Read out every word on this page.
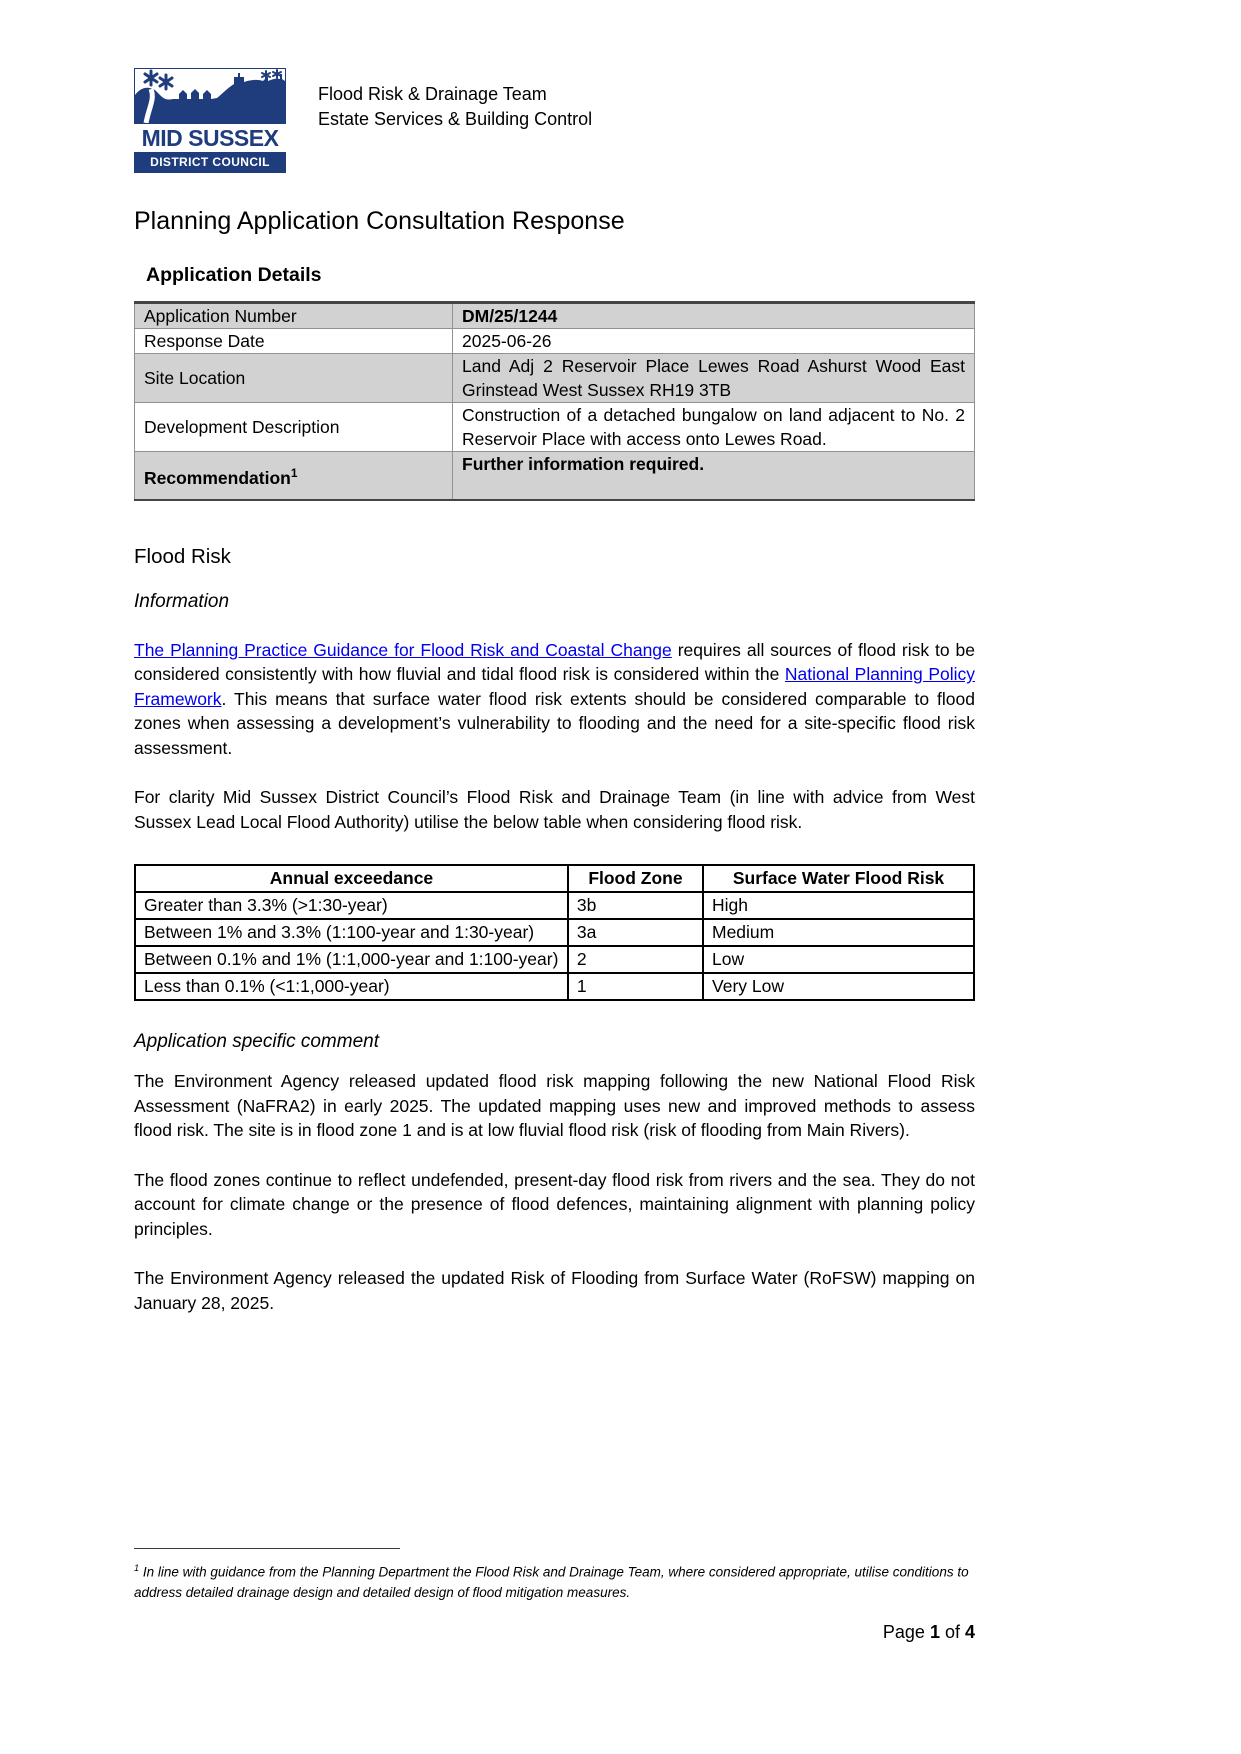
MID SUSSEX
DISTRICT COUNCIL
Flood Risk & Drainage Team
Estate Services & Building Control
Planning Application Consultation Response
Application Details
Application Number	DM/25/1244
Response Date	2025-06-26
Site Location	Land Adj 2 Reservoir Place Lewes Road Ashurst Wood East Grinstead West Sussex RH19 3TB
Development Description	Construction of a detached bungalow on land adjacent to No. 2 Reservoir Place with access onto Lewes Road.
Recommendation$^1$	Further information required.
Flood Risk
Information

The Planning Practice Guidance for Flood Risk and Coastal Change requires all sources of flood risk to be considered consistently with how fluvial and tidal flood risk is considered within the National Planning Policy Framework. This means that surface water flood risk extents should be considered comparable to flood zones when assessing a development’s vulnerability to flooding and the need for a site-specific flood risk assessment.

For clarity Mid Sussex District Council’s Flood Risk and Drainage Team (in line with advice from West Sussex Lead Local Flood Authority) utilise the below table when considering flood risk.

Annual exceedance	Flood Zone	Surface Water Flood Risk
Greater than 3.3% (>1:30-year)	3b	High
Between 1% and 3.3% (1:100-year and 1:30-year)	3a	Medium
Between 0.1% and 1% (1:1,000-year and 1:100-year)	2	Low
Less than 0.1% (<1:1,000-year)	1	Very Low
Application specific comment

The Environment Agency released updated flood risk mapping following the new National Flood Risk Assessment (NaFRA2) in early 2025. The updated mapping uses new and improved methods to assess flood risk. The site is in flood zone 1 and is at low fluvial flood risk (risk of flooding from Main Rivers).

The flood zones continue to reflect undefended, present-day flood risk from rivers and the sea. They do not account for climate change or the presence of flood defences, maintaining alignment with planning policy principles.

The Environment Agency released the updated Risk of Flooding from Surface Water (RoFSW) mapping on January 28, 2025.

$^1$ In line with guidance from the Planning Department the Flood Risk and Drainage Team, where considered appropriate, utilise conditions to address detailed drainage design and detailed design of flood mitigation measures.
Page 1 of 4
